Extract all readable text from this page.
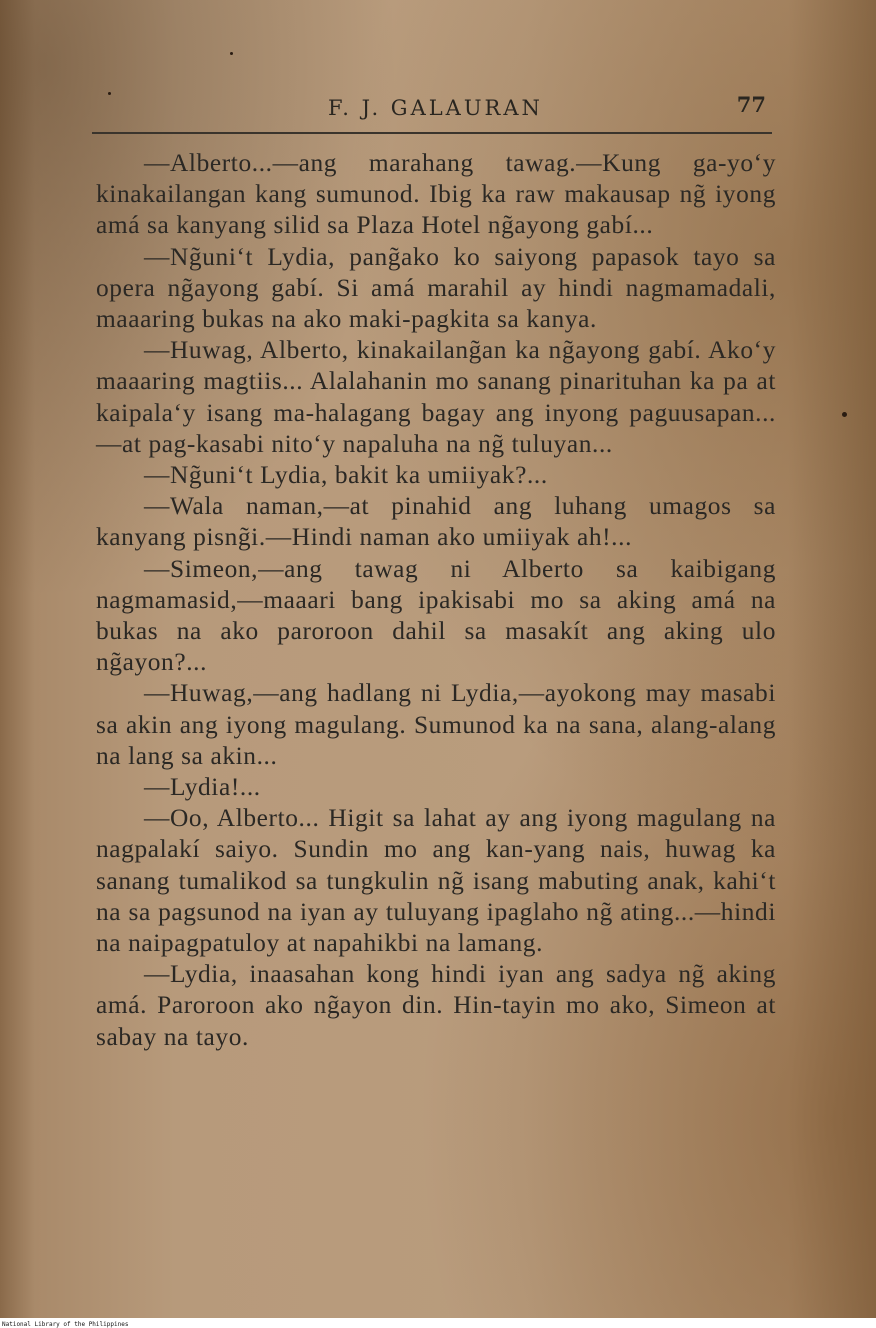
F. J. GALAURAN	77

—Alberto...—ang marahang tawag.—Kung ga-yo‘y kinakailangan kang sumunod. Ibig ka raw makausap ng̃ iyong amá sa kanyang silid sa Plaza Hotel ng̃ayong gabí...

—Ng̃uni‘t Lydia, pang̃ako ko saiyong papasok tayo sa opera ng̃ayong gabí. Si amá marahil ay hindi nagmamadali, maaaring bukas na ako maki-pagkita sa kanya.

—Huwag, Alberto, kinakailang̃an ka ng̃ayong gabí. Ako‘y maaaring magtiis... Alalahanin mo sanang pinarituhan ka pa at kaipala‘y isang ma-halagang bagay ang inyong paguusapan...—at pag-kasabi nito‘y napaluha na ng̃ tuluyan...

—Ng̃uni‘t Lydia, bakit ka umiiyak?...

—Wala naman,—at pinahid ang luhang umagos sa kanyang pisng̃i.—Hindi naman ako umiiyak ah!...

—Simeon,—ang tawag ni Alberto sa kaibigang nagmamasid,—maaari bang ipakisabi mo sa aking amá na bukas na ako paroroon dahil sa masakít ang aking ulo ng̃ayon?...

—Huwag,—ang hadlang ni Lydia,—ayokong may masabi sa akin ang iyong magulang. Sumunod ka na sana, alang-alang na lang sa akin...

—Lydia!...

—Oo, Alberto... Higit sa lahat ay ang iyong magulang na nagpalakí saiyo. Sundin mo ang kan-yang nais, huwag ka sanang tumalikod sa tungkulin ng̃ isang mabuting anak, kahi‘t na sa pagsunod na iyan ay tuluyang ipaglaho ng̃ ating...—hindi na naipagpatuloy at napahikbi na lamang.

—Lydia, inaasahan kong hindi iyan ang sadya ng̃ aking amá. Paroroon ako ng̃ayon din. Hin-tayin mo ako, Simeon at sabay na tayo.

National Library of the Philippines
